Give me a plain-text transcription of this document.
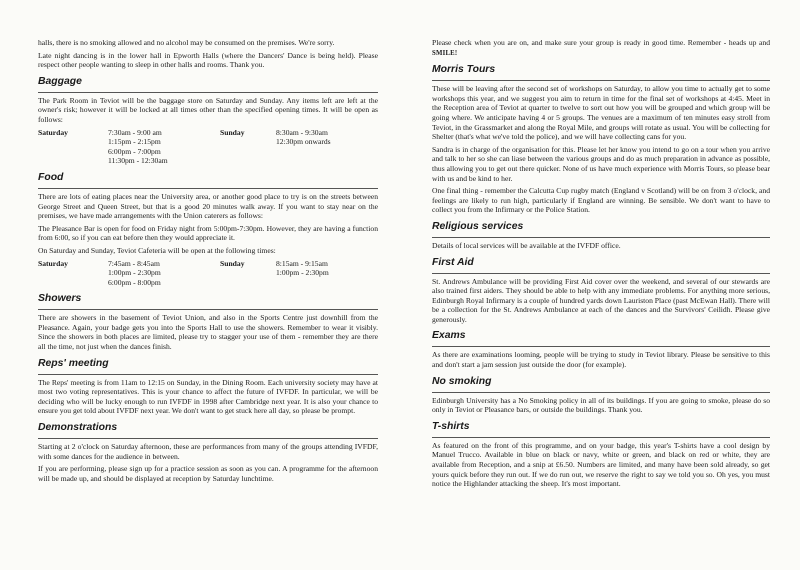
halls, there is no smoking allowed and no alcohol may be consumed on the premises. We're sorry.

Late night dancing is in the lower hall in Epworth Halls (where the Dancers' Dance is being held). Please respect other people wanting to sleep in other halls and rooms. Thank you.

Baggage

The Park Room in Teviot will be the baggage store on Saturday and Sunday. Any items left are left at the owner's risk; however it will be locked at all times other than the specified opening times. It will be open as follows:

Saturday	7:30am - 9:00 am
1:15pm - 2:15pm
6:00pm - 7:00pm
11:30pm - 12:30am
Sunday	8:30am - 9:30am
12:30pm onwards
Food

There are lots of eating places near the University area, or another good place to try is on the streets between George Street and Queen Street, but that is a good 20 minutes walk away. If you want to stay near on the premises, we have made arrangements with the Union caterers as follows:

The Pleasance Bar is open for food on Friday night from 5:00pm-7:30pm. However, they are having a function from 6:00, so if you can eat before then they would appreciate it.

On Saturday and Sunday, Teviot Cafeteria will be open at the following times:

Saturday	7:45am - 8:45am
1:00pm - 2:30pm
6:00pm - 8:00pm
Sunday	8:15am - 9:15am
1:00pm - 2:30pm
Showers

There are showers in the basement of Teviot Union, and also in the Sports Centre just downhill from the Pleasance. Again, your badge gets you into the Sports Hall to use the showers. Remember to wear it visibly. Since the showers in both places are limited, please try to stagger your use of them - remember they are there all the time, not just when the dances finish.

Reps' meeting

The Reps' meeting is from 11am to 12:15 on Sunday, in the Dining Room. Each university society may have at most two voting representatives. This is your chance to affect the future of IVFDF. In particular, we will be deciding who will be lucky enough to run IVFDF in 1998 after Cambridge next year. It is also your chance to ensure you get told about IVFDF next year. We don't want to get stuck here all day, so please be prompt.

Demonstrations

Starting at 2 o'clock on Saturday afternoon, these are performances from many of the groups attending IVFDF, with some dances for the audience in between.

If you are performing, please sign up for a practice session as soon as you can. A programme for the afternoon will be made up, and should be displayed at reception by Saturday lunchtime.

Please check when you are on, and make sure your group is ready in good time. Remember - heads up and SMILE!

Morris Tours

These will be leaving after the second set of workshops on Saturday, to allow you time to actually get to some workshops this year, and we suggest you aim to return in time for the final set of workshops at 4:45. Meet in the Reception area of Teviot at quarter to twelve to sort out how you will be grouped and which group will be going where. We anticipate having 4 or 5 groups. The venues are a maximum of ten minutes easy stroll from Teviot, in the Grassmarket and along the Royal Mile, and groups will rotate as usual. You will be collecting for Shelter (that's what we've told the police), and we will have collecting cans for you.

Sandra is in charge of the organisation for this. Please let her know you intend to go on a tour when you arrive and talk to her so she can liase between the various groups and do as much preparation in advance as possible, thus allowing you to get out there quicker. None of us have much experience with Morris Tours, so please bear with us and be kind to her.

One final thing - remember the Calcutta Cup rugby match (England v Scotland) will be on from 3 o'clock, and feelings are likely to run high, particularly if England are winning. Be sensible. We don't want to have to collect you from the Infirmary or the Police Station.

Religious services

Details of local services will be available at the IVFDF office.

First Aid

St. Andrews Ambulance will be providing First Aid cover over the weekend, and several of our stewards are also trained first aiders. They should be able to help with any immediate problems. For anything more serious, Edinburgh Royal Infirmary is a couple of hundred yards down Lauriston Place (past McEwan Hall). There will be a collection for the St. Andrews Ambulance at each of the dances and the Survivors' Ceilidh. Please give generously.

Exams

As there are examinations looming, people will be trying to study in Teviot library. Please be sensitive to this and don't start a jam session just outside the door (for example).

No smoking

Edinburgh University has a No Smoking policy in all of its buildings. If you are going to smoke, please do so only in Teviot or Pleasance bars, or outside the buildings. Thank you.

T-shirts

As featured on the front of this programme, and on your badge, this year's T-shirts have a cool design by Manuel Trucco. Available in blue on black or navy, white or green, and black on red or white, they are available from Reception, and a snip at £6.50. Numbers are limited, and many have been sold already, so get yours quick before they run out. If we do run out, we reserve the right to say we told you so. Oh yes, you must notice the Highlander attacking the sheep. It's most important.
